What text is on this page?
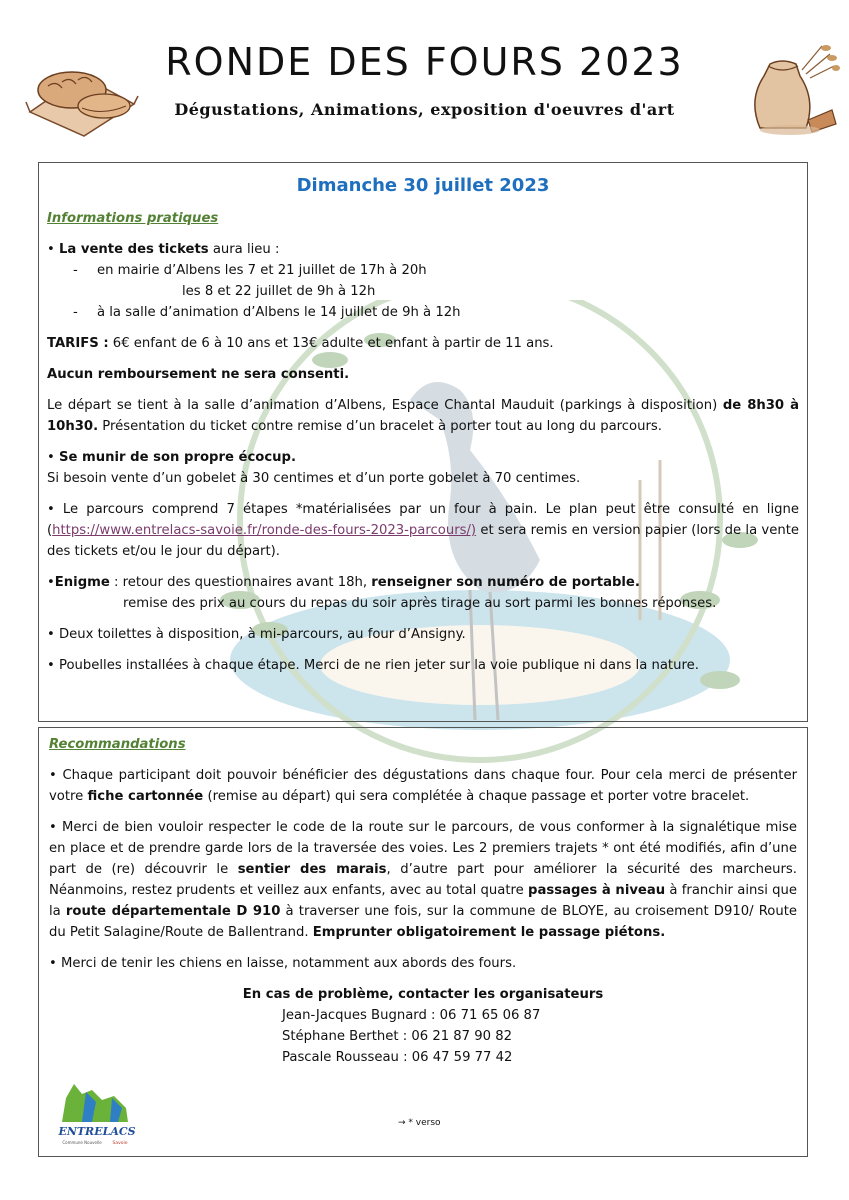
RONDE DES FOURS 2023
Dégustations, Animations, exposition d'oeuvres d'art
Dimanche 30 juillet 2023
Informations pratiques
• La vente des tickets aura lieu :
- en mairie d’Albens les 7 et 21 juillet de 17h à 20h
les 8 et 22 juillet de 9h à 12h

- à la salle d’animation d’Albens le 14 juillet de 9h à 12h

TARIFS : 6€ enfant de 6 à 10 ans et 13€ adulte et enfant à partir de 11 ans.

Aucun remboursement ne sera consenti.

Le départ se tient à la salle d’animation d’Albens, Espace Chantal Mauduit (parkings à disposition) de 8h30 à 10h30. Présentation du ticket contre remise d’un bracelet à porter tout au long du parcours.

• Se munir de son propre écocup.
Si besoin vente d’un gobelet à 30 centimes et d’un porte gobelet à 70 centimes.

• Le parcours comprend 7 étapes *matérialisées par un four à pain. Le plan peut être consulté en ligne (https://www.entrelacs-savoie.fr/ronde-des-fours-2023-parcours/) et sera remis en version papier (lors de la vente des tickets et/ou le jour du départ).

•Enigme : retour des questionnaires avant 18h, renseigner son numéro de portable.
remise des prix au cours du repas du soir après tirage au sort parmi les bonnes réponses.

• Deux toilettes à disposition, à mi-parcours, au four d’Ansigny.

• Poubelles installées à chaque étape. Merci de ne rien jeter sur la voie publique ni dans la nature.

Recommandations

• Chaque participant doit pouvoir bénéficier des dégustations dans chaque four. Pour cela merci de présenter votre fiche cartonnée (remise au départ) qui sera complétée à chaque passage et porter votre bracelet.

• Merci de bien vouloir respecter le code de la route sur le parcours, de vous conformer à la signalétique mise en place et de prendre garde lors de la traversée des voies. Les 2 premiers trajets * ont été modifiés, afin d’une part de (re) découvrir le sentier des marais, d’autre part pour améliorer la sécurité des marcheurs. Néanmoins, restez prudents et veillez aux enfants, avec au total quatre passages à niveau à franchir ainsi que la route départementale D 910 à traverser une fois, sur la commune de BLOYE, au croisement D910/ Route du Petit Salagine/Route de Ballentrand. Emprunter obligatoirement le passage piétons.

• Merci de tenir les chiens en laisse, notamment aux abords des fours.

En cas de problème, contacter les organisateurs
Jean-Jacques Bugnard : 06 71 65 06 87
Stéphane Berthet : 06 21 87 90 82
Pascale Rousseau : 06 47 59 77 42
ENTRELACS
Commune Nouvelle Savoie
→ * verso
